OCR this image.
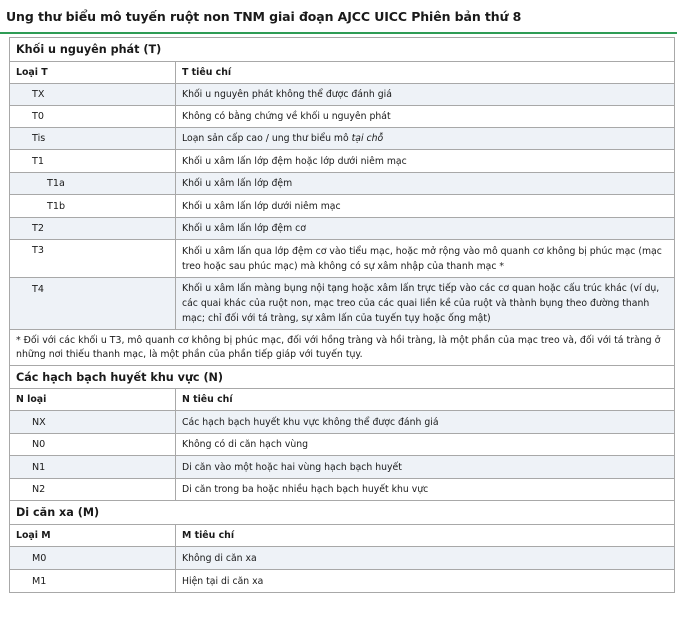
Ung thư biểu mô tuyến ruột non TNM giai đoạn AJCC UICC Phiên bản thứ 8
Khối u nguyên phát (T)	
Loại T	T tiêu chí
TX	Khối u nguyên phát không thể được đánh giá
T0	Không có bằng chứng về khối u nguyên phát
Tis	Loạn sản cấp cao / ung thư biểu mô tại chỗ
T1	Khối u xâm lấn lớp đệm hoặc lớp dưới niêm mạc
T1a	Khối u xâm lấn lớp đệm
T1b	Khối u xâm lấn lớp dưới niêm mạc
T2	Khối u xâm lấn lớp đệm cơ
T3	Khối u xâm lấn qua lớp đệm cơ vào tiểu mạc, hoặc mở rộng vào mô quanh cơ không bị phúc mạc (mạc treo hoặc sau phúc mạc) mà không có sự xâm nhập của thanh mạc *
T4	Khối u xâm lấn màng bụng nội tạng hoặc xâm lấn trực tiếp vào các cơ quan hoặc cấu trúc khác (ví dụ, các quai khác của ruột non, mạc treo của các quai liền kề của ruột và thành bụng theo đường thanh mạc; chỉ đối với tá tràng, sự xâm lấn của tuyến tụy hoặc ống mật)
* Đối với các khối u T3, mô quanh cơ không bị phúc mạc, đối với hồng tràng và hồi tràng, là một phần của mạc treo và, đối với tá tràng ở những nơi thiếu thanh mạc, là một phần của phần tiếp giáp với tuyến tụy.	
Các hạch bạch huyết khu vực (N)	
N loại	N tiêu chí
NX	Các hạch bạch huyết khu vực không thể được đánh giá
N0	Không có di căn hạch vùng
N1	Di căn vào một hoặc hai vùng hạch bạch huyết
N2	Di căn trong ba hoặc nhiều hạch bạch huyết khu vực
Di căn xa (M)	
Loại M	M tiêu chí
M0	Không di căn xa
M1	Hiện tại di căn xa
